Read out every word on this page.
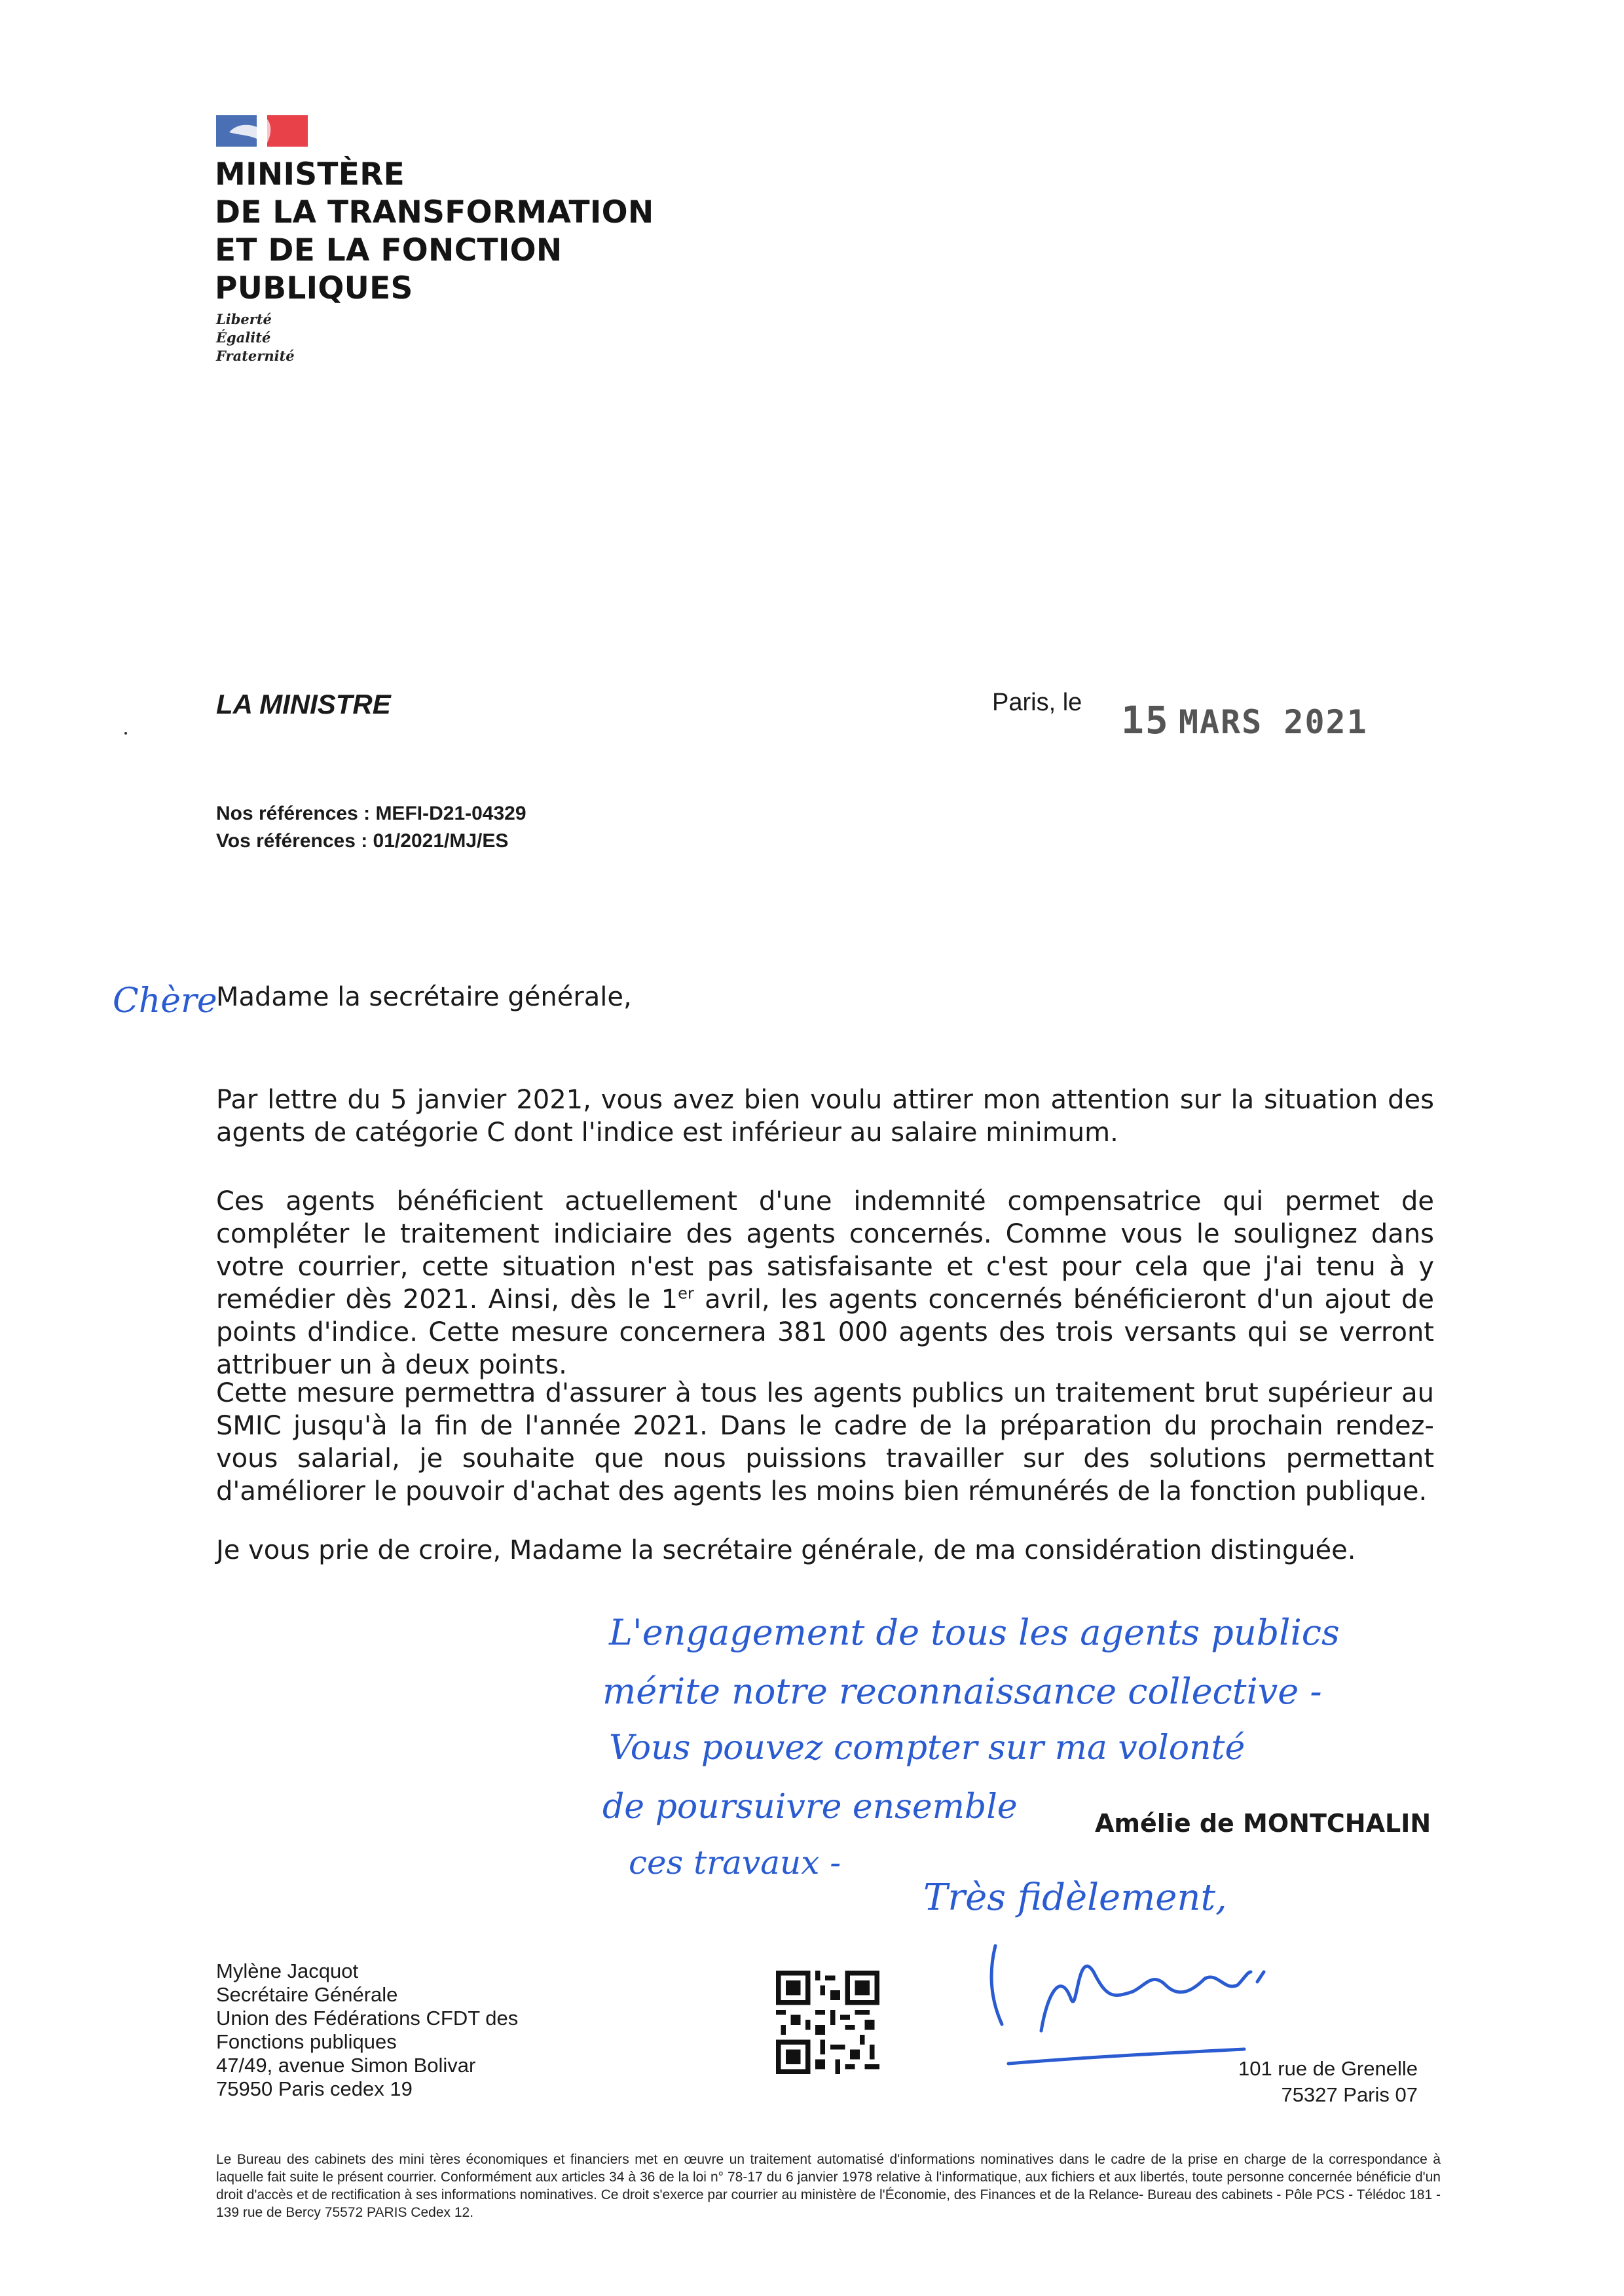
MINISTÈRE
DE LA TRANSFORMATION
ET DE LA FONCTION
PUBLIQUES
Liberté
Égalité
Fraternité
LA MINISTRE	Paris, le 15 MARS 2021
Nos références : MEFI-D21-04329
Vos références : 01/2021/MJ/ES
Chère
Madame la secrétaire générale,
Par lettre du 5 janvier 2021, vous avez bien voulu attirer mon attention sur la situation des agents de catégorie C dont l'indice est inférieur au salaire minimum.
Ces agents bénéficient actuellement d'une indemnité compensatrice qui permet de compléter le traitement indiciaire des agents concernés. Comme vous le soulignez dans votre courrier, cette situation n'est pas satisfaisante et c'est pour cela que j'ai tenu à y remédier dès 2021. Ainsi, dès le 1er avril, les agents concernés bénéficieront d'un ajout de points d'indice. Cette mesure concernera 381 000 agents des trois versants qui se verront attribuer un à deux points.
Cette mesure permettra d'assurer à tous les agents publics un traitement brut supérieur au SMIC jusqu'à la fin de l'année 2021. Dans le cadre de la préparation du prochain rendez-vous salarial, je souhaite que nous puissions travailler sur des solutions permettant d'améliorer le pouvoir d'achat des agents les moins bien rémunérés de la fonction publique.
Je vous prie de croire, Madame la secrétaire générale, de ma considération distinguée.
L'engagement de tous les agents publics
mérite notre reconnaissance collective -
Vous pouvez compter sur ma volonté
de poursuivre ensemble
ces travaux -
Très fidèlement,
Amélie de MONTCHALIN
Mylène Jacquot
Secrétaire Générale
Union des Fédérations CFDT des
Fonctions publiques
47/49, avenue Simon Bolivar
75950 Paris cedex 19
101 rue de Grenelle
75327 Paris 07
Le Bureau des cabinets des mini tères économiques et financiers met en œuvre un traitement automatisé d'informations nominatives dans le cadre de la prise en charge de la correspondance à laquelle fait suite le présent courrier. Conformément aux articles 34 à 36 de la loi n° 78-17 du 6 janvier 1978 relative à l'informatique, aux fichiers et aux libertés, toute personne concernée bénéficie d'un droit d'accès et de rectification à ses informations nominatives. Ce droit s'exerce par courrier au ministère de l'Économie, des Finances et de la Relance- Bureau des cabinets - Pôle PCS - Télédoc 181 - 139 rue de Bercy 75572 PARIS Cedex 12.
